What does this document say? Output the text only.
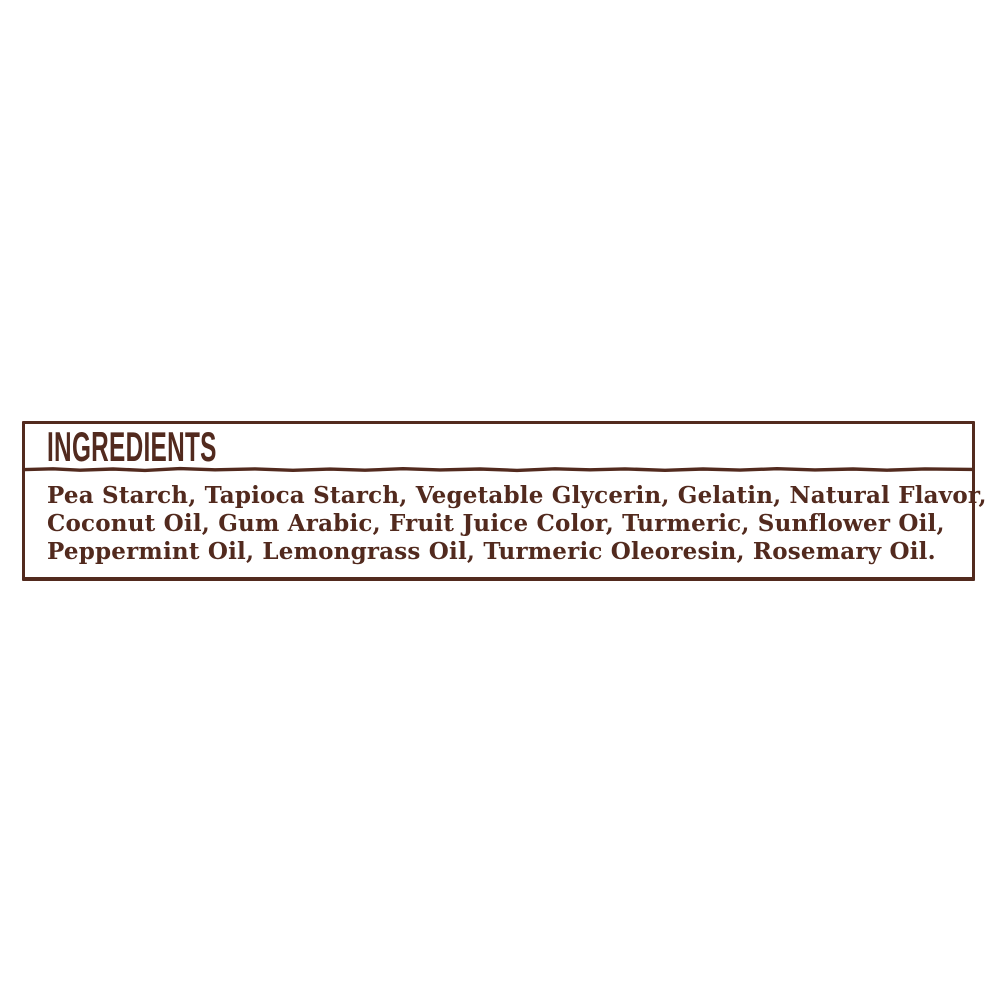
INGREDIENTS

Pea Starch, Tapioca Starch, Vegetable Glycerin, Gelatin, Natural Flavor,
Coconut Oil, Gum Arabic, Fruit Juice Color, Turmeric, Sunflower Oil,
Peppermint Oil, Lemongrass Oil, Turmeric Oleoresin, Rosemary Oil.
